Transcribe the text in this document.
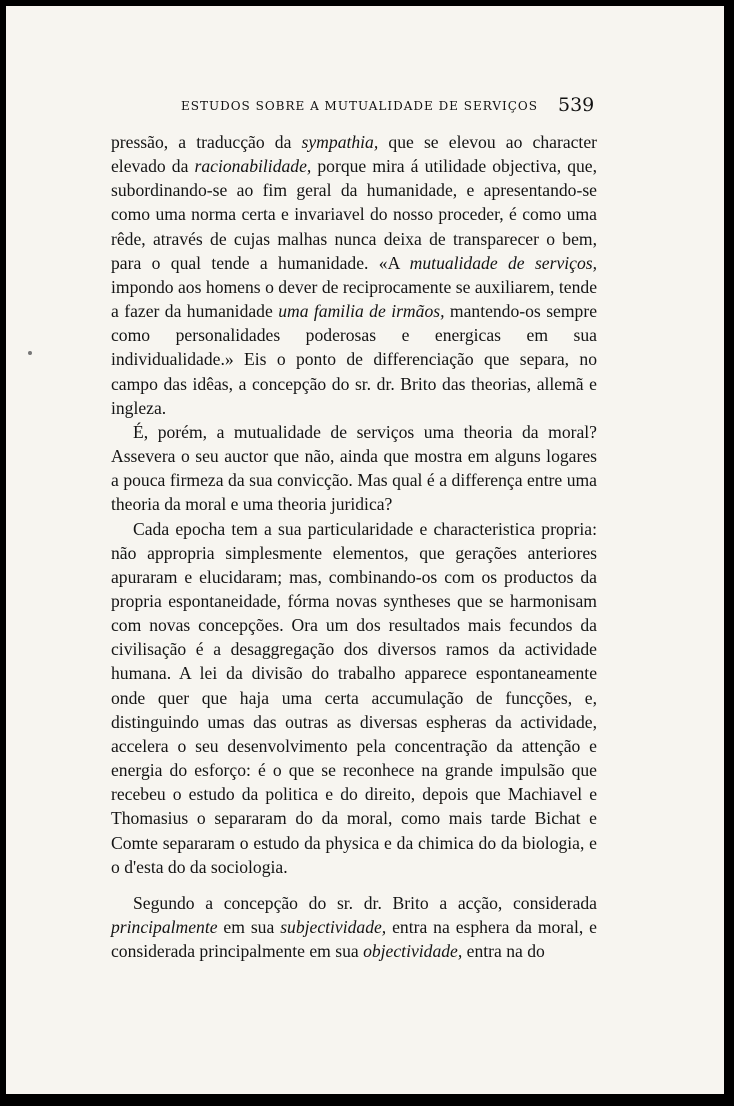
ESTUDOS SOBRE A MUTUALIDADE DE SERVIÇOS 539

pressão, a traducção da sympathia, que se elevou ao character elevado da racionabilidade, porque mira á utilidade objectiva, que, subordinando-se ao fim geral da humanidade, e apresentando-se como uma norma certa e invariavel do nosso proceder, é como uma rêde, através de cujas malhas nunca deixa de transparecer o bem, para o qual tende a humanidade. «A mutualidade de serviços, impondo aos homens o dever de reciprocamente se auxiliarem, tende a fazer da humanidade uma familia de irmãos, mantendo-os sempre como personalidades poderosas e energicas em sua individualidade.» Eis o ponto de differenciação que separa, no campo das idêas, a concepção do sr. dr. Brito das theorias, allemã e ingleza.

É, porém, a mutualidade de serviços uma theoria da moral? Assevera o seu auctor que não, ainda que mostra em alguns logares a pouca firmeza da sua convicção. Mas qual é a differença entre uma theoria da moral e uma theoria juridica?

Cada epocha tem a sua particularidade e characteristica propria: não appropria simplesmente elementos, que gerações anteriores apuraram e elucidaram; mas, combinando-os com os productos da propria espontaneidade, fórma novas syntheses que se harmonisam com novas concepções. Ora um dos resultados mais fecundos da civilisação é a desaggregação dos diversos ramos da actividade humana. A lei da divisão do trabalho apparece espontaneamente onde quer que haja uma certa accumulação de funcções, e, distinguindo umas das outras as diversas espheras da actividade, accelera o seu desenvolvimento pela concentração da attenção e energia do esforço: é o que se reconhece na grande impulsão que recebeu o estudo da politica e do direito, depois que Machiavel e Thomasius o separaram do da moral, como mais tarde Bichat e Comte separaram o estudo da physica e da chimica do da biologia, e o d'esta do da sociologia.

Segundo a concepção do sr. dr. Brito a acção, considerada principalmente em sua subjectividade, entra na esphera da moral, e considerada principalmente em sua objectividade, entra na do
